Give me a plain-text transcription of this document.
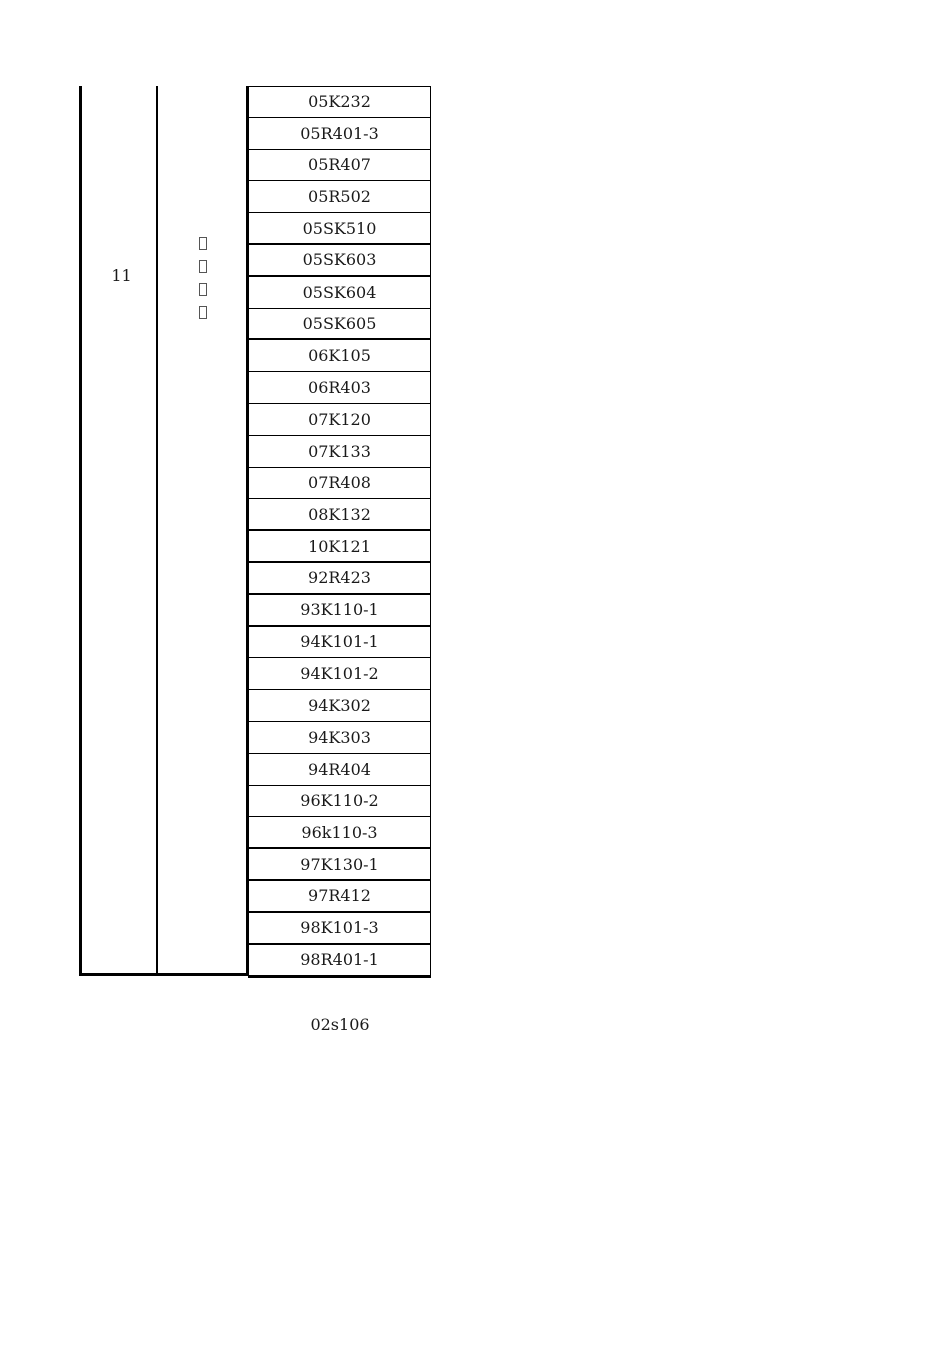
11
05K232
05R401-3
05R407
05R502
05SK510
05SK603
05SK604
05SK605
06K105
06R403
07K120
07K133
07R408
08K132
10K121
92R423
93K110-1
94K101-1
94K101-2
94K302
94K303
94R404
96K110-2
96k110-3
97K130-1
97R412
98K101-3
98R401-1
02s106
